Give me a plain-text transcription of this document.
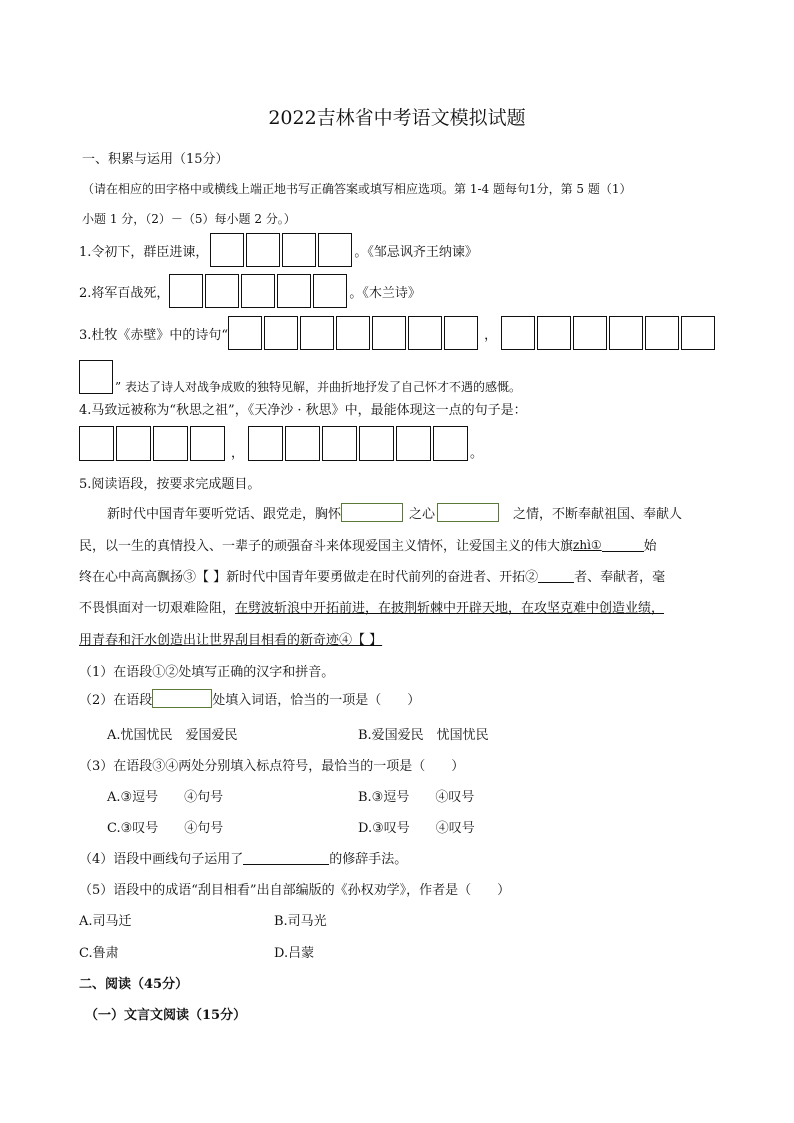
2022吉林省中考语文模拟试题
一、积累与运用（15分）
（请在相应的田字格中或横线上端正地书写正确答案或填写相应选项。第 1-4 题每句1分，第 5 题（1）
小题 1 分，（2）－（5）每小题 2 分。）
1.令初下，群臣进谏，	。《邹忌讽齐王纳谏》
2.将军百战死，	。《木兰诗》
3.杜牧《赤壁》中的诗句“	，
” 表达了诗人对战争成败的独特见解，并曲折地抒发了自己怀才不遇的感慨。
4.马致远被称为“秋思之祖”，《天净沙 · 秋思》中，最能体现这一点的句子是：
，	。
5.阅读语段，按要求完成题目。
新时代中国青年要听党话、跟党走，胸怀	之心	之情，不断奉献祖国、奉献人
民，以一生的真情投入、一辈子的顽强奋斗来体现爱国主义情怀，让爱国主义的伟大旗 zhì①	始
终在心中高高飘扬③【 】新时代中国青年要勇做走在时代前列的奋进者、开拓②	者、奉献者，毫
不畏惧面对一切艰难险阻， 在劈波斩浪中开拓前进，在披荆斩棘中开辟天地，在攻坚克难中创造业绩，
用青春和汗水创造出让世界刮目相看的新奇迹④【 】
（1）在语段①②处填写正确的汉字和拼音。
（2）在语段	处填入词语，恰当的一项是（　　）
A.忧国忧民　爱国爱民	B.爱国爱民　忧国忧民
（3）在语段③④两处分别填入标点符号，最恰当的一项是（　　）
A.③逗号　　④句号	B.③逗号　　④叹号
C.③叹号　　④句号	D.③叹号　　④叹号
（4）语段中画线句子运用了	的修辞手法。
（5）语段中的成语“刮目相看”出自部编版的《孙权劝学》，作者是（　　）
A.司马迁	B.司马光
C.鲁肃	D.吕蒙
二、阅读（45分）
（一）文言文阅读（15分）
